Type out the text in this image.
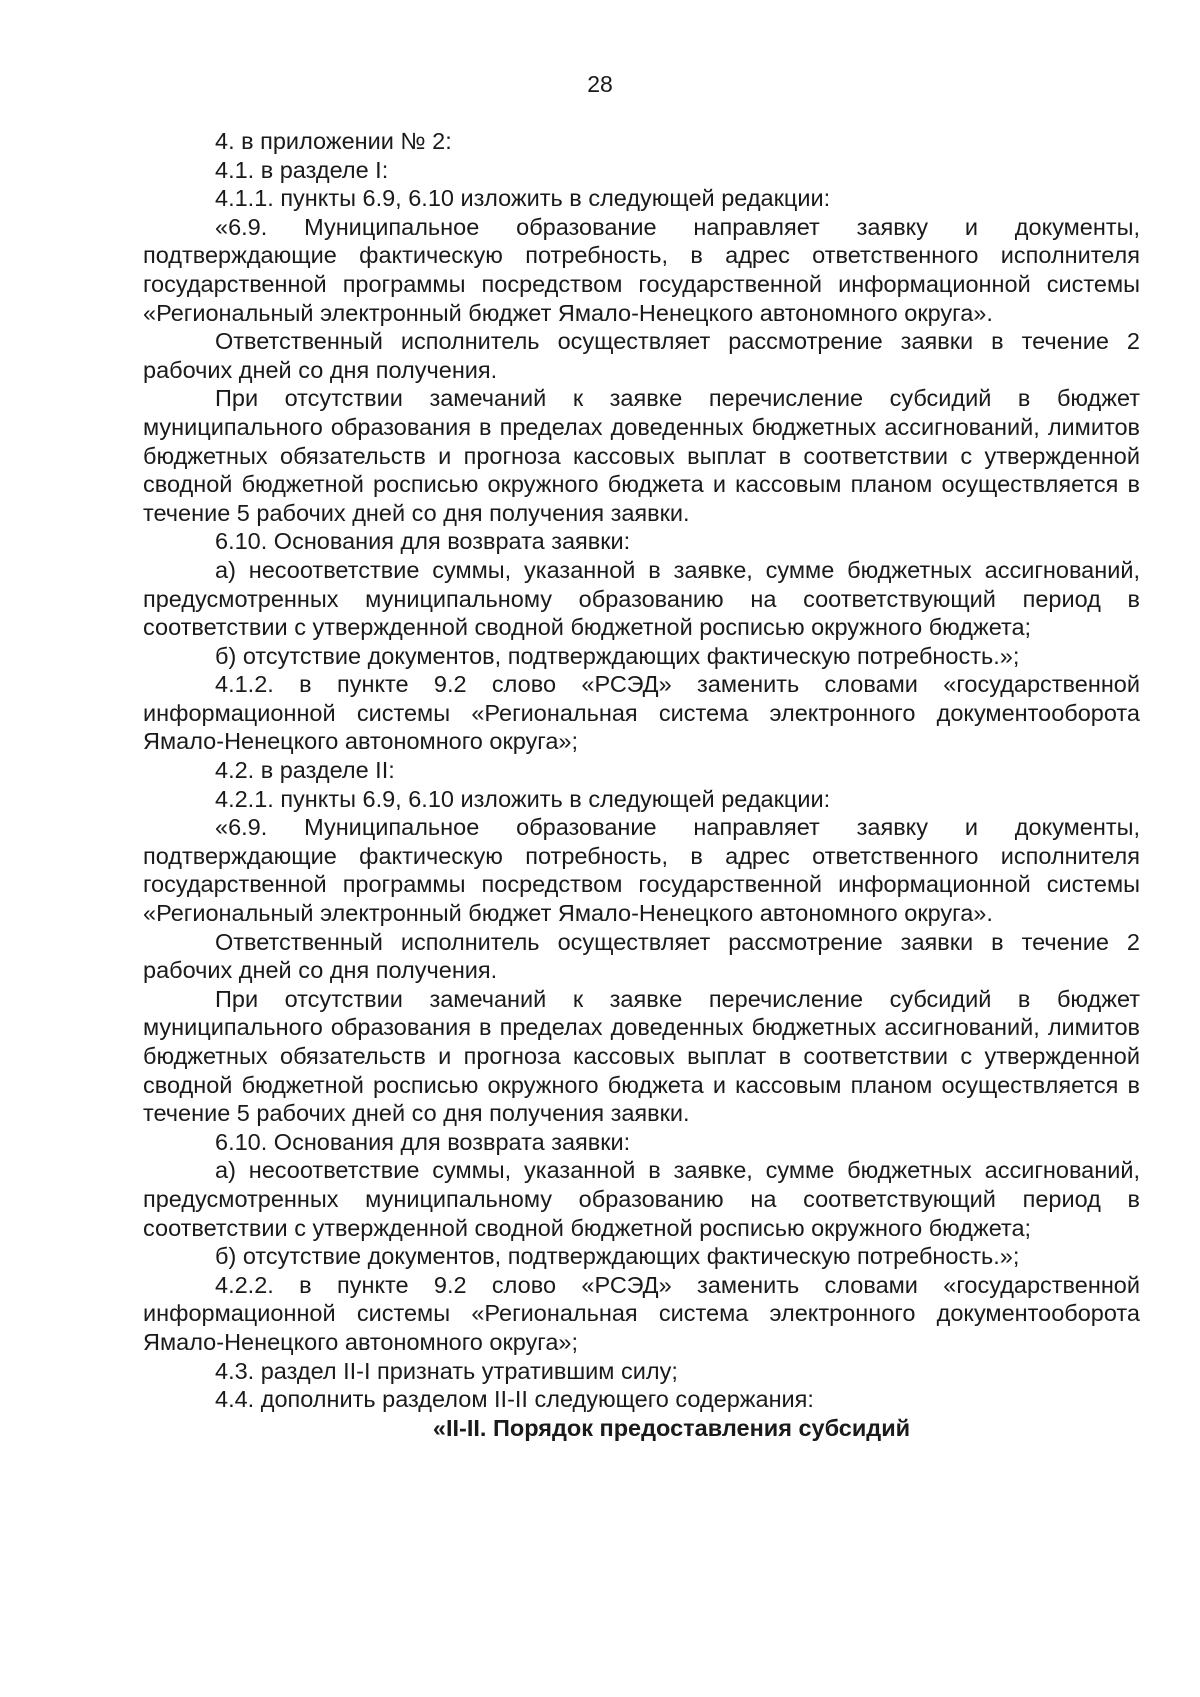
28

4. в приложении № 2:

4.1. в разделе I:

4.1.1. пункты 6.9, 6.10 изложить в следующей редакции:

«6.9. Муниципальное образование направляет заявку и документы, подтверждающие фактическую потребность, в адрес ответственного исполнителя государственной программы посредством государственной информационной системы «Региональный электронный бюджет Ямало-Ненецкого автономного округа».

Ответственный исполнитель осуществляет рассмотрение заявки в течение 2 рабочих дней со дня получения.

При отсутствии замечаний к заявке перечисление субсидий в бюджет муниципального образования в пределах доведенных бюджетных ассигнований, лимитов бюджетных обязательств и прогноза кассовых выплат в соответствии с утвержденной сводной бюджетной росписью окружного бюджета и кассовым планом осуществляется в течение 5 рабочих дней со дня получения заявки.

6.10. Основания для возврата заявки:

а) несоответствие суммы, указанной в заявке, сумме бюджетных ассигнований, предусмотренных муниципальному образованию на соответствующий период в соответствии с утвержденной сводной бюджетной росписью окружного бюджета;

б) отсутствие документов, подтверждающих фактическую потребность.»;

4.1.2. в пункте 9.2 слово «РСЭД» заменить словами «государственной информационной системы «Региональная система электронного документооборота Ямало-Ненецкого автономного округа»;

4.2. в разделе II:

4.2.1. пункты 6.9, 6.10 изложить в следующей редакции:

«6.9. Муниципальное образование направляет заявку и документы, подтверждающие фактическую потребность, в адрес ответственного исполнителя государственной программы посредством государственной информационной системы «Региональный электронный бюджет Ямало-Ненецкого автономного округа».

Ответственный исполнитель осуществляет рассмотрение заявки в течение 2 рабочих дней со дня получения.

При отсутствии замечаний к заявке перечисление субсидий в бюджет муниципального образования в пределах доведенных бюджетных ассигнований, лимитов бюджетных обязательств и прогноза кассовых выплат в соответствии с утвержденной сводной бюджетной росписью окружного бюджета и кассовым планом осуществляется в течение 5 рабочих дней со дня получения заявки.

6.10. Основания для возврата заявки:

а) несоответствие суммы, указанной в заявке, сумме бюджетных ассигнований, предусмотренных муниципальному образованию на соответствующий период в соответствии с утвержденной сводной бюджетной росписью окружного бюджета;

б) отсутствие документов, подтверждающих фактическую потребность.»;

4.2.2. в пункте 9.2 слово «РСЭД» заменить словами «государственной информационной системы «Региональная система электронного документооборота Ямало-Ненецкого автономного округа»;

4.3. раздел II-I признать утратившим силу;

4.4. дополнить разделом II-II следующего содержания:

«II-II. Порядок предоставления субсидий
